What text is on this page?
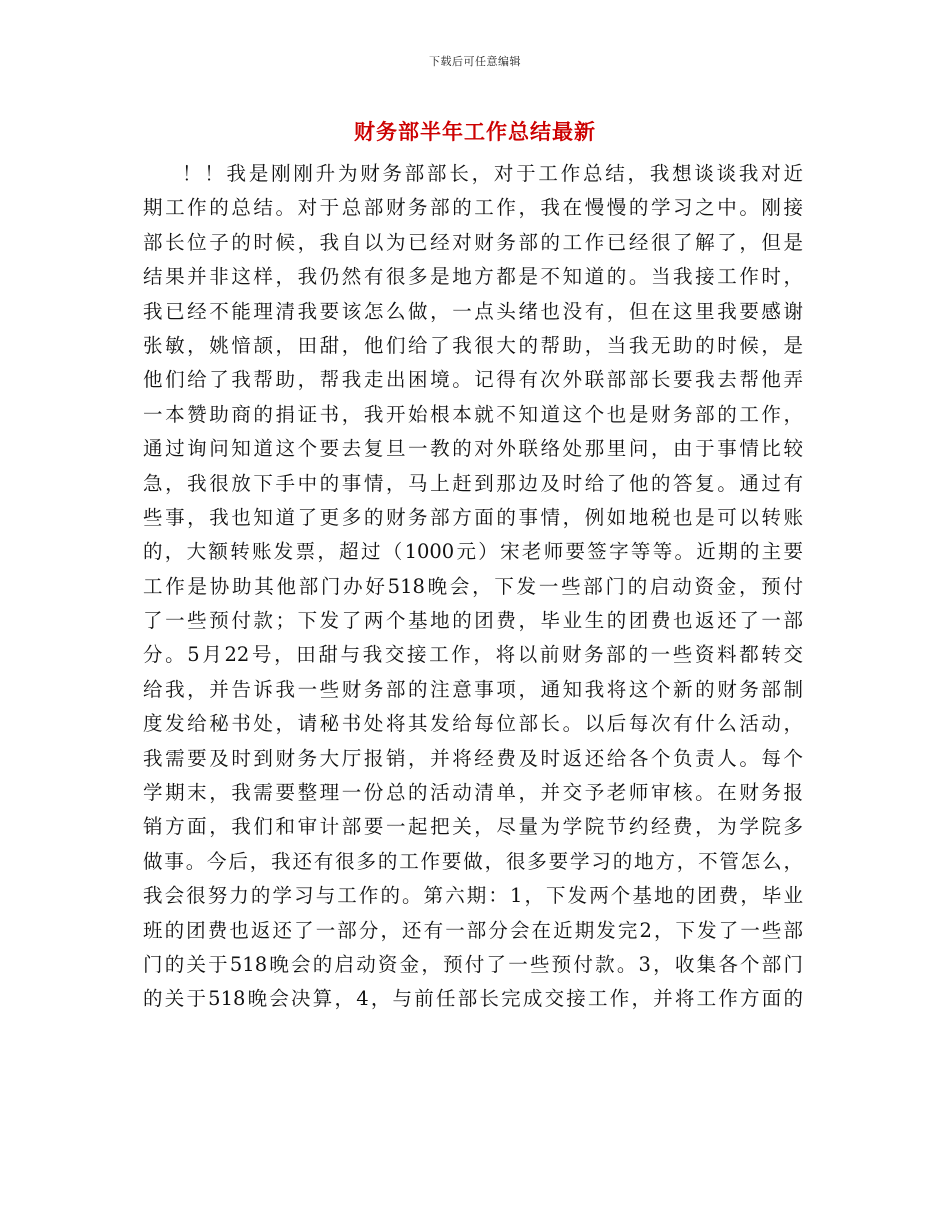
下载后可任意编辑
财务部半年工作总结最新
！！我是刚刚升为财务部部长，对于工作总结，我想谈谈我对近
期工作的总结。对于总部财务部的工作，我在慢慢的学习之中。刚接
部长位子的时候，我自以为已经对财务部的工作已经很了解了，但是
结果并非这样，我仍然有很多是地方都是不知道的。当我接工作时，
我已经不能理清我要该怎么做，一点头绪也没有，但在这里我要感谢
张敏，姚愔颉，田甜，他们给了我很大的帮助，当我无助的时候，是
他们给了我帮助，帮我走出困境。记得有次外联部部长要我去帮他弄
一本赞助商的捐证书，我开始根本就不知道这个也是财务部的工作，
通过询问知道这个要去复旦一教的对外联络处那里问，由于事情比较
急，我很放下手中的事情，马上赶到那边及时给了他的答复。通过有
些事，我也知道了更多的财务部方面的事情，例如地税也是可以转账
的，大额转账发票，超过（1000元）宋老师要签字等等。近期的主要
工作是协助其他部门办好518晚会，下发一些部门的启动资金，预付
了一些预付款；下发了两个基地的团费，毕业生的团费也返还了一部
分。5月22号，田甜与我交接工作，将以前财务部的一些资料都转交
给我，并告诉我一些财务部的注意事项，通知我将这个新的财务部制
度发给秘书处，请秘书处将其发给每位部长。以后每次有什么活动，
我需要及时到财务大厅报销，并将经费及时返还给各个负责人。每个
学期末，我需要整理一份总的活动清单，并交予老师审核。在财务报
销方面，我们和审计部要一起把关，尽量为学院节约经费，为学院多
做事。今后，我还有很多的工作要做，很多要学习的地方，不管怎么，
我会很努力的学习与工作的。第六期：1，下发两个基地的团费，毕业
班的团费也返还了一部分，还有一部分会在近期发完2，下发了一些部
门的关于518晚会的启动资金，预付了一些预付款。3，收集各个部门
的关于518晚会决算，4，与前任部长完成交接工作，并将工作方面的
